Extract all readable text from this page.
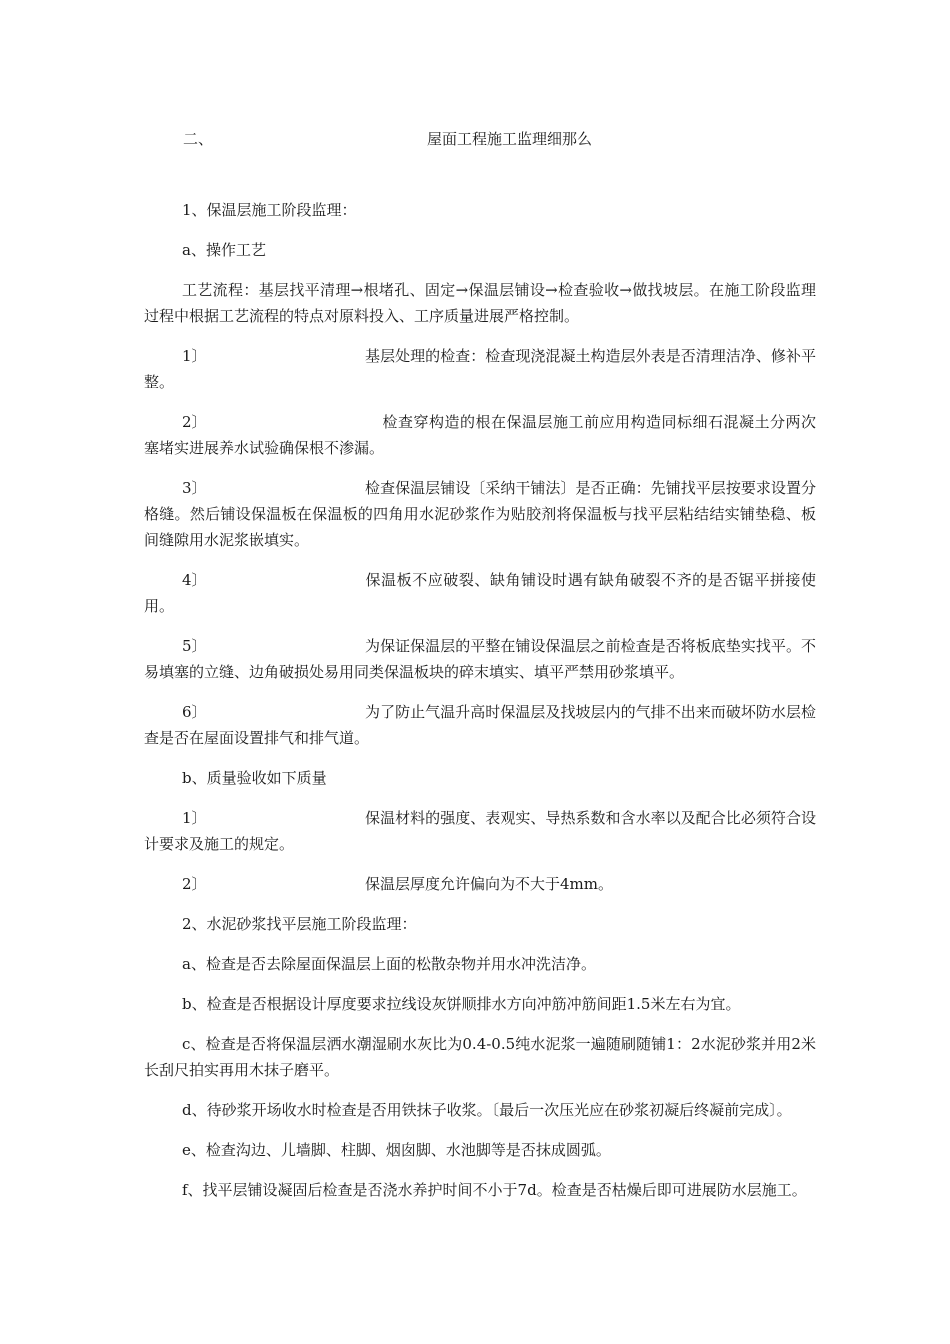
二、	屋面工程施工监理细那么

1、保温层施工阶段监理：

a、操作工艺

工艺流程：基层找平清理→根堵孔、固定→保温层铺设→检查验收→做找坡层。在施工阶段监理过程中根据工艺流程的特点对原料投入、工序质量进展严格控制。

1〕	基层处理的检查：检查现浇混凝土构造层外表是否清理洁净、修补平整。

2〕	检查穿构造的根在保温层施工前应用构造同标细石混凝土分两次塞堵实进展养水试验确保根不渗漏。

3〕	检查保温层铺设〔采纳干铺法〕是否正确：先铺找平层按要求设置分格缝。然后铺设保温板在保温板的四角用水泥砂浆作为贴胶剂将保温板与找平层粘结结实铺垫稳、板间缝隙用水泥浆嵌填实。

4〕	保温板不应破裂、缺角铺设时遇有缺角破裂不齐的是否锯平拼接使用。

5〕	为保证保温层的平整在铺设保温层之前检查是否将板底垫实找平。不易填塞的立缝、边角破损处易用同类保温板块的碎末填实、填平严禁用砂浆填平。

6〕	为了防止气温升高时保温层及找坡层内的气排不出来而破坏防水层检查是否在屋面设置排气和排气道。

b、质量验收如下质量

1〕	保温材料的强度、表观实、导热系数和含水率以及配合比必须符合设计要求及施工的规定。

2〕	保温层厚度允许偏向为不大于4mm。

2、水泥砂浆找平层施工阶段监理：

a、检查是否去除屋面保温层上面的松散杂物并用水冲洗洁净。

b、检查是否根据设计厚度要求拉线设灰饼顺排水方向冲筋冲筋间距1.5米左右为宜。

c、检查是否将保温层洒水潮湿刷水灰比为0.4-0.5纯水泥浆一遍随刷随铺1：2水泥砂浆并用2米长刮尺拍实再用木抹子磨平。

d、待砂浆开场收水时检查是否用铁抹子收浆。〔最后一次压光应在砂浆初凝后终凝前完成〕。

e、检查沟边、儿墙脚、柱脚、烟囱脚、水池脚等是否抹成圆弧。

f、找平层铺设凝固后检查是否浇水养护时间不小于7d。检查是否枯燥后即可进展防水层施工。
